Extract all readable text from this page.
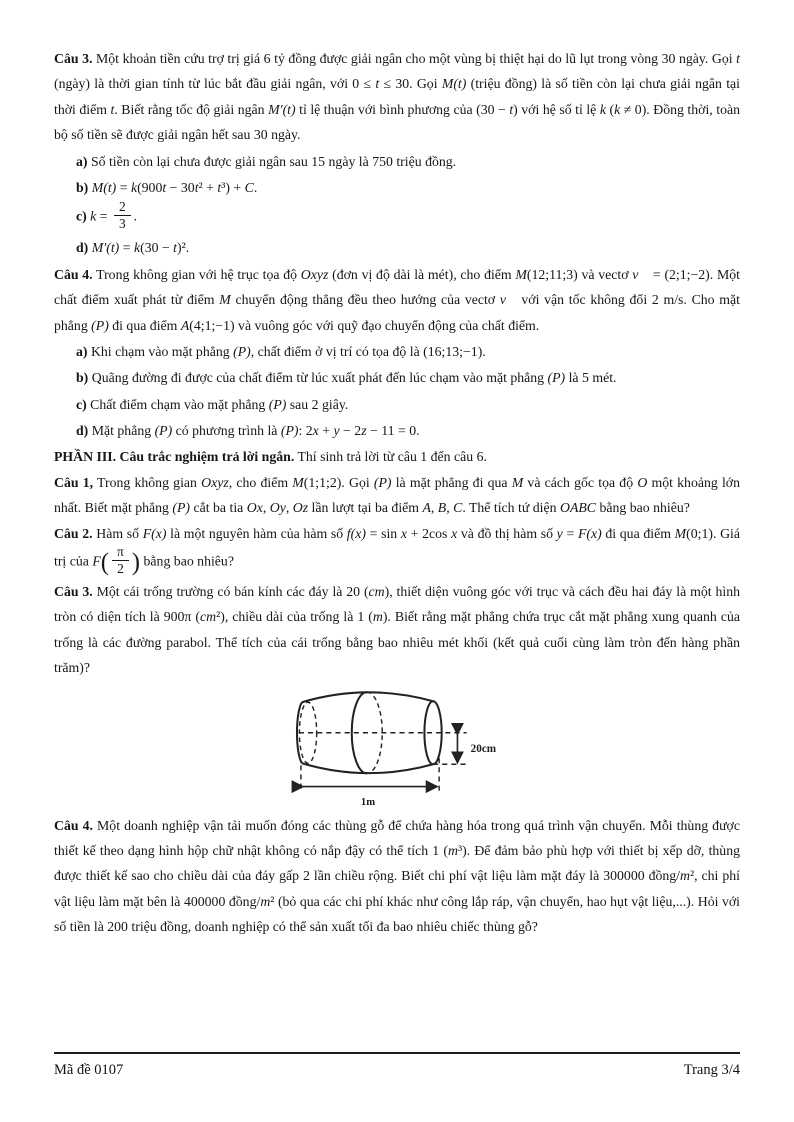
Câu 3. Một khoản tiền cứu trợ trị giá 6 tỷ đồng được giải ngân cho một vùng bị thiệt hại do lũ lụt trong vòng 30 ngày. Gọi t (ngày) là thời gian tính từ lúc bắt đầu giải ngân, với 0 ≤ t ≤ 30. Gọi M(t) (triệu đồng) là số tiền còn lại chưa giải ngân tại thời điểm t. Biết rằng tốc độ giải ngân M′(t) tỉ lệ thuận với bình phương của (30 − t) với hệ số tỉ lệ k (k ≠ 0). Đồng thời, toàn bộ số tiền sẽ được giải ngân hết sau 30 ngày.

a) Số tiền còn lại chưa được giải ngân sau 15 ngày là 750 triệu đồng.

b) M(t) = k(900t − 30t² + t³) + C.

c) $k = \frac{2}{3}$ .

d) M′(t) = k(30 − t)².

Câu 4. Trong không gian với hệ trục tọa độ Oxyz (đơn vị độ dài là mét), cho điểm M(12;11;3) và vectơ v⃗ = (2;1;−2). Một chất điểm xuất phát từ điểm M chuyển động thẳng đều theo hướng của vectơ v⃗ với vận tốc không đổi 2 m/s. Cho mặt phẳng (P) đi qua điểm A(4;1;−1) và vuông góc với quỹ đạo chuyển động của chất điểm.

a) Khi chạm vào mặt phẳng (P), chất điểm ở vị trí có tọa độ là (16;13;−1).

b) Quãng đường đi được của chất điểm từ lúc xuất phát đến lúc chạm vào mặt phẳng (P) là 5 mét.

c) Chất điểm chạm vào mặt phẳng (P) sau 2 giây.

d) Mặt phẳng (P) có phương trình là (P): 2x + y − 2z − 11 = 0.

PHẦN III. Câu trắc nghiệm trả lời ngắn. Thí sinh trả lời từ câu 1 đến câu 6.

Câu 1, Trong không gian Oxyz, cho điểm M(1;1;2). Gọi (P) là mặt phẳng đi qua M và cách gốc tọa độ O một khoảng lớn nhất. Biết mặt phẳng (P) cắt ba tia Ox, Oy, Oz lần lượt tại ba điểm A, B, C. Thể tích tứ diện OABC bằng bao nhiêu?

Câu 2. Hàm số F(x) là một nguyên hàm của hàm số f(x) = sin x + 2cos x và đồ thị hàm số y = F(x) đi qua điểm M(0;1). Giá trị của $F( \frac{\pi}{2}$ ) bằng bao nhiêu?

Câu 3. Một cái trống trường có bán kính các đáy là 20 (cm), thiết diện vuông góc với trục và cách đều hai đáy là một hình tròn có diện tích là 900π (cm²), chiều dài của trống là 1 (m). Biết rằng mặt phẳng chứa trục cắt mặt phẳng xung quanh của trống là các đường parabol. Thể tích của cái trống bằng bao nhiêu mét khối (kết quả cuối cùng làm tròn đến hàng phần trăm)?

20cm
1m

Câu 4. Một doanh nghiệp vận tải muốn đóng các thùng gỗ để chứa hàng hóa trong quá trình vận chuyển. Mỗi thùng được thiết kế theo dạng hình hộp chữ nhật không có nắp đậy có thể tích 1 (m³). Để đảm bảo phù hợp với thiết bị xếp dỡ, thùng được thiết kế sao cho chiều dài của đáy gấp 2 lần chiều rộng. Biết chi phí vật liệu làm mặt đáy là 300000 đồng/m², chi phí vật liệu làm mặt bên là 400000 đồng/m² (bỏ qua các chi phí khác như công lắp ráp, vận chuyển, hao hụt vật liệu,...). Hỏi với số tiền là 200 triệu đồng, doanh nghiệp có thể sản xuất tối đa bao nhiêu chiếc thùng gỗ?

Mã đề 0107	Trang 3/4
